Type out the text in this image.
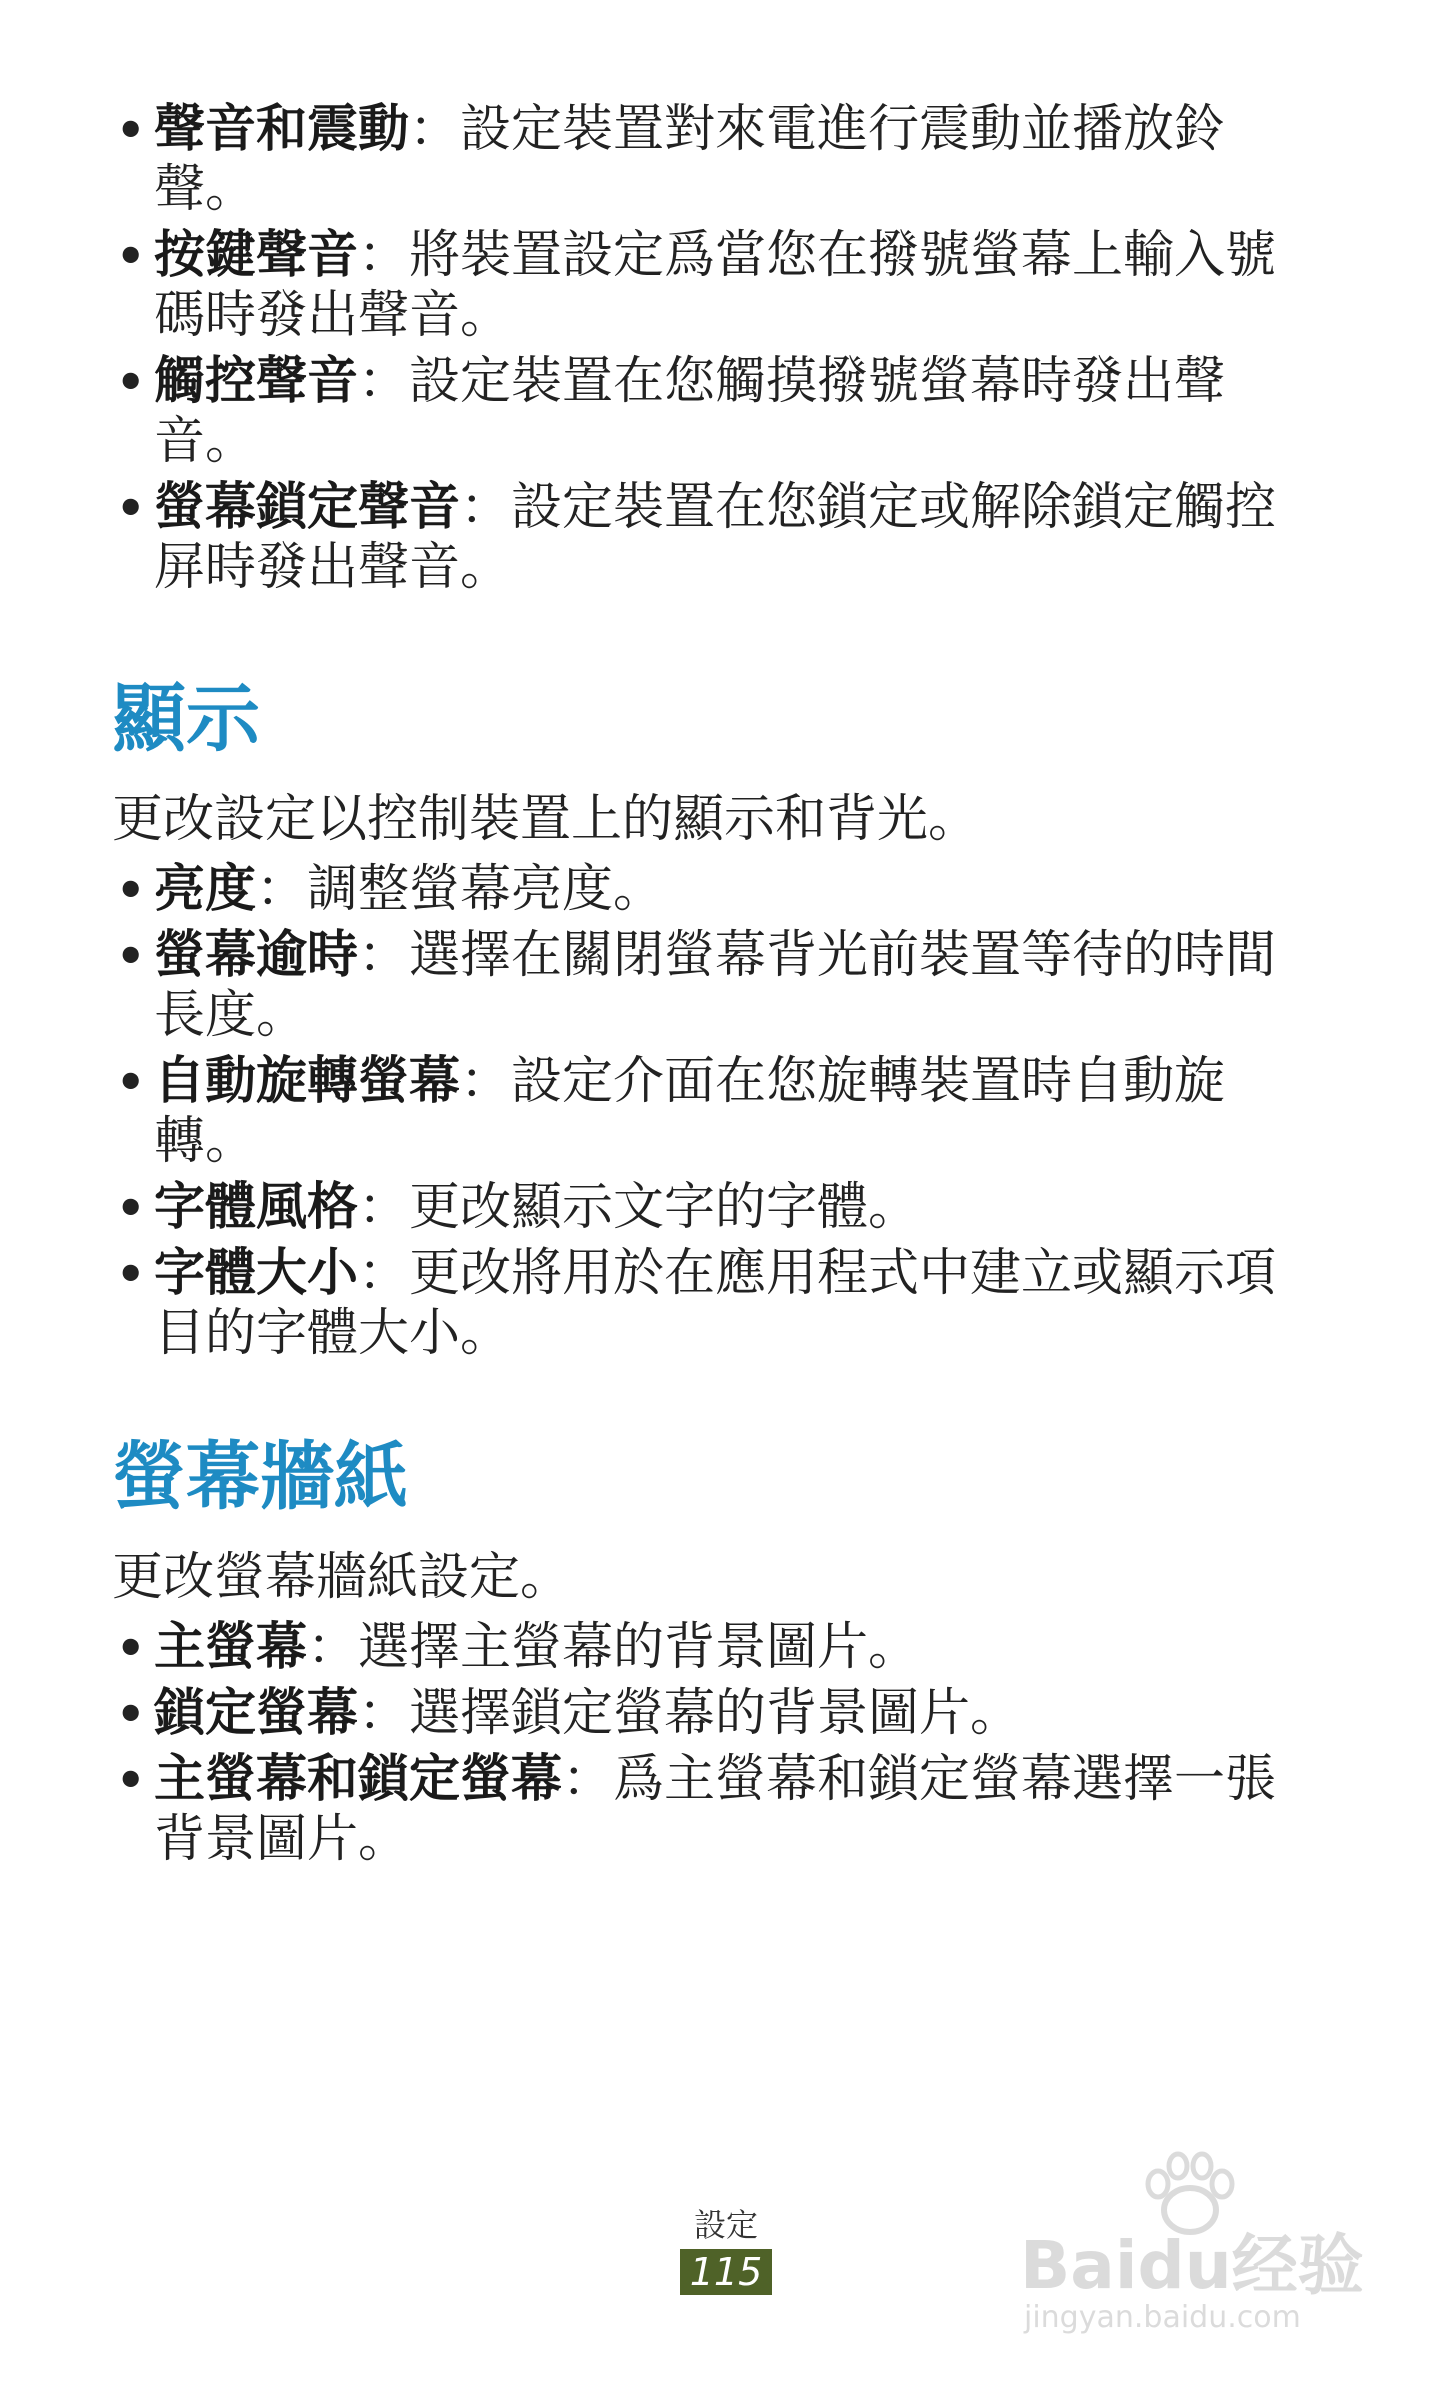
• 聲音和震動：設定裝置對來電進行震動並播放鈴聲。
• 按鍵聲音：將裝置設定爲當您在撥號螢幕上輸入號碼時發出聲音。
• 觸控聲音：設定裝置在您觸摸撥號螢幕時發出聲音。
• 螢幕鎖定聲音：設定裝置在您鎖定或解除鎖定觸控屏時發出聲音。
顯示

更改設定以控制裝置上的顯示和背光。

• 亮度：調整螢幕亮度。
• 螢幕逾時：選擇在關閉螢幕背光前裝置等待的時間長度。
• 自動旋轉螢幕：設定介面在您旋轉裝置時自動旋轉。
• 字體風格：更改顯示文字的字體。
• 字體大小：更改將用於在應用程式中建立或顯示項目的字體大小。
螢幕牆紙

更改螢幕牆紙設定。

• 主螢幕：選擇主螢幕的背景圖片。
• 鎖定螢幕：選擇鎖定螢幕的背景圖片。
• 主螢幕和鎖定螢幕：爲主螢幕和鎖定螢幕選擇一張背景圖片。
設定
115	Baidu经验
jingyan.baidu.com
